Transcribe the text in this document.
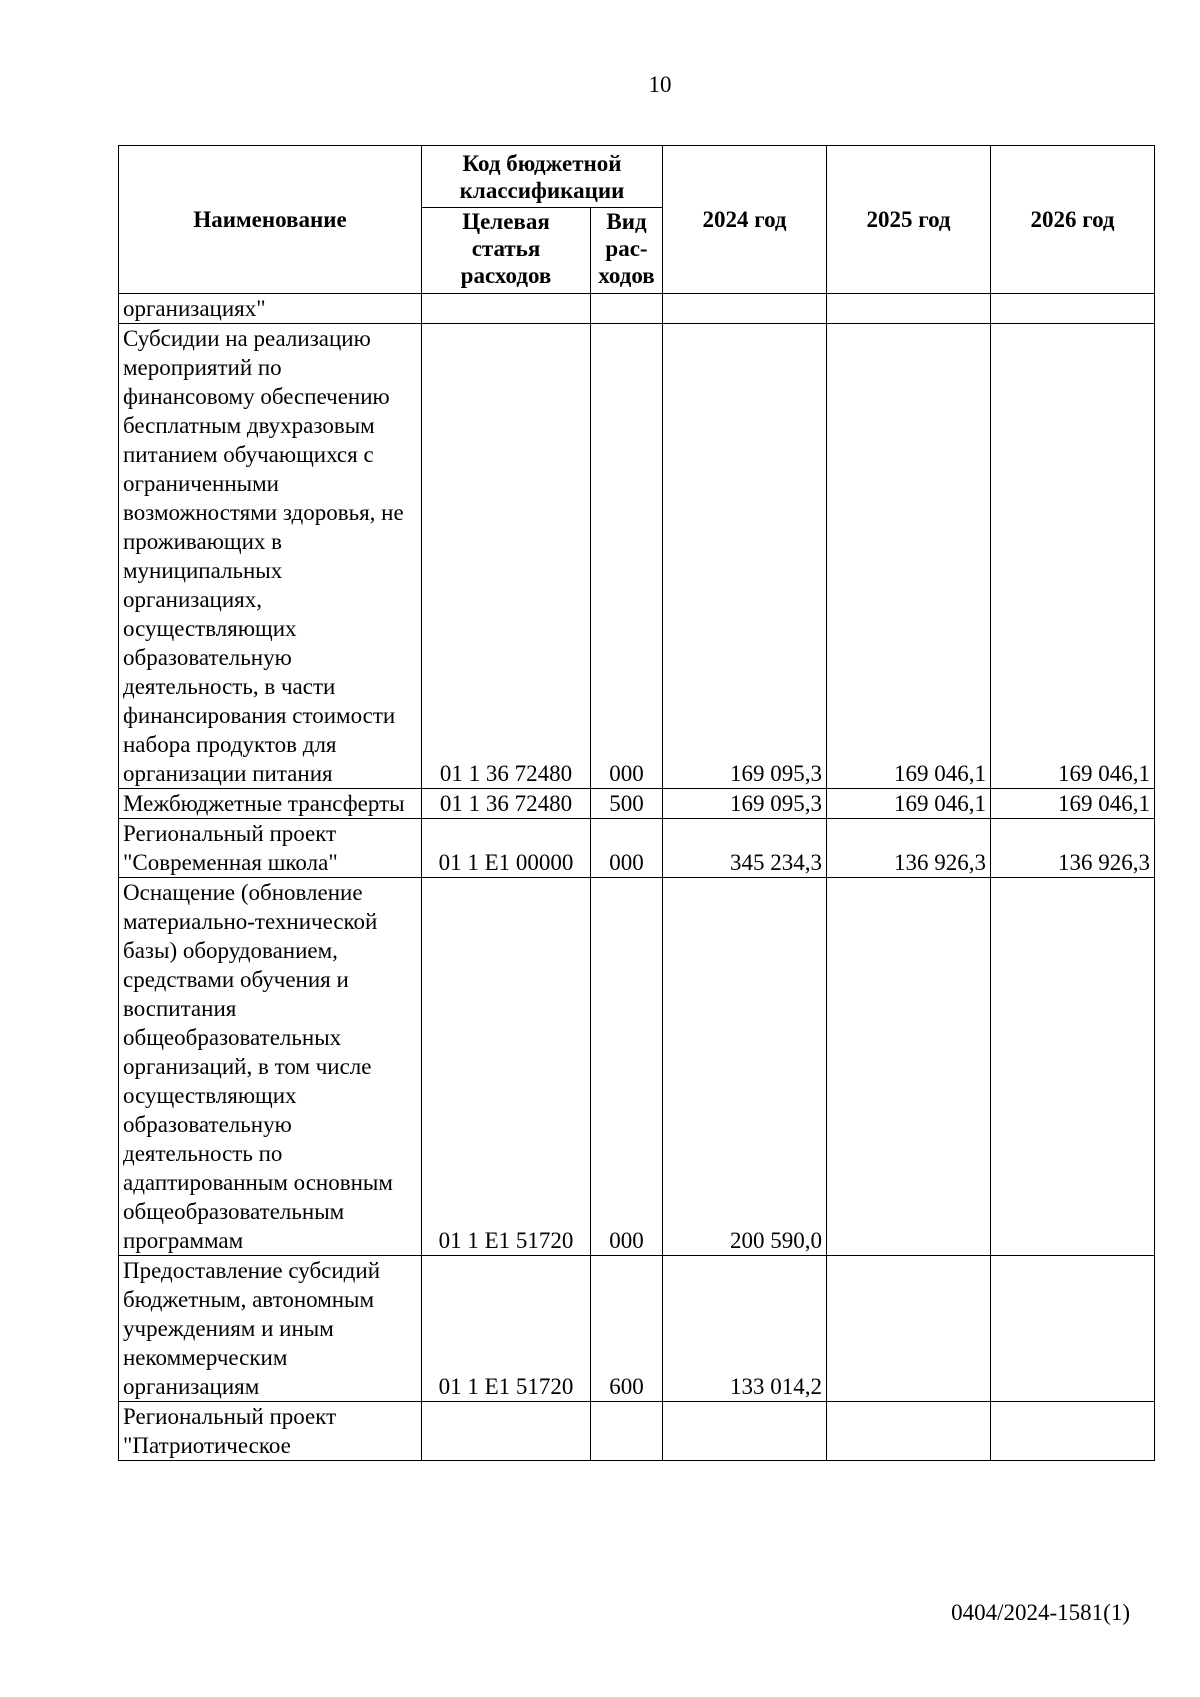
10
Наименование	Код бюджетной классификации		2024 год	2025 год	2026 год
	Целевая статья расходов	Вид рас-ходов			
организациях"					
Субсидии на реализацию мероприятий по финансовому обеспечению бесплатным двухразовым питанием обучающихся с ограниченными возможностями здоровья, не проживающих в муниципальных организациях, осуществляющих образовательную деятельность, в части финансирования стоимости набора продуктов для организации питания	01 1 36 72480	000	169 095,3	169 046,1	169 046,1
Межбюджетные трансферты	01 1 36 72480	500	169 095,3	169 046,1	169 046,1
Региональный проект "Современная школа"	01 1 E1 00000	000	345 234,3	136 926,3	136 926,3
Оснащение (обновление материально-технической базы) оборудованием, средствами обучения и воспитания общеобразовательных организаций, в том числе осуществляющих образовательную деятельность по адаптированным основным общеобразовательным программам	01 1 E1 51720	000	200 590,0		
Предоставление субсидий бюджетным, автономным учреждениям и иным некоммерческим организациям	01 1 E1 51720	600	133 014,2		
Региональный проект "Патриотическое					
0404/2024-1581(1)
